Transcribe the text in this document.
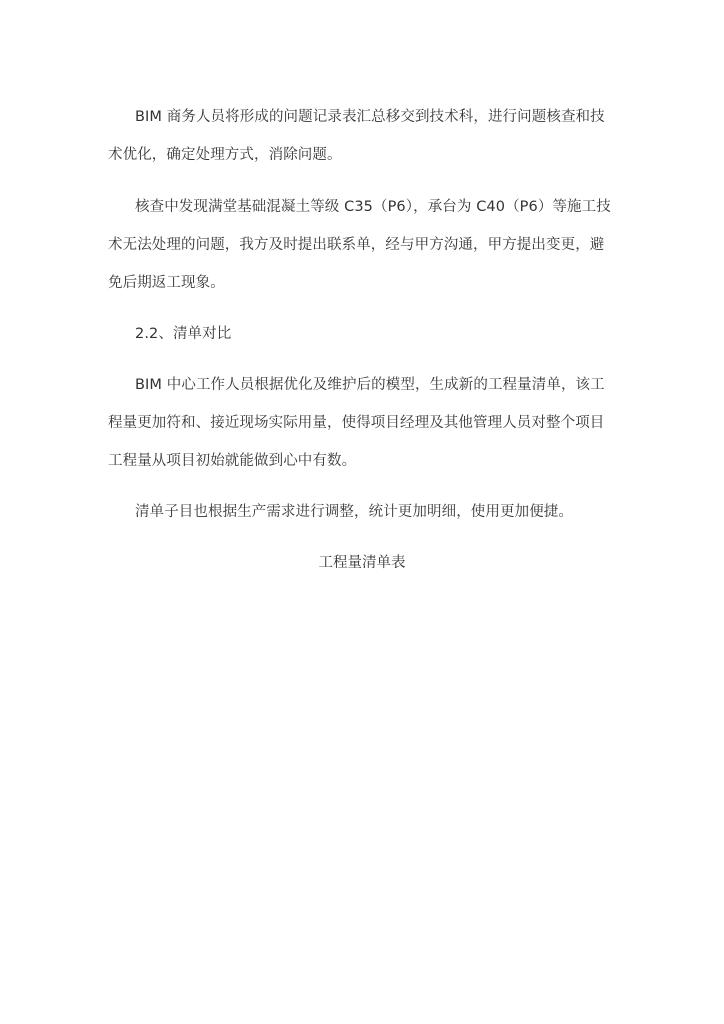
BIM 商务人员将形成的问题记录表汇总移交到技术科，进行问题核查和技
术优化，确定处理方式，消除问题。
核查中发现满堂基础混凝土等级 C35（P6），承台为 C40（P6）等施工技
术无法处理的问题，我方及时提出联系单，经与甲方沟通，甲方提出变更，避
免后期返工现象。
2.2、清单对比
BIM 中心工作人员根据优化及维护后的模型，生成新的工程量清单，该工
程量更加符和、接近现场实际用量，使得项目经理及其他管理人员对整个项目
工程量从项目初始就能做到心中有数。
清单子目也根据生产需求进行调整，统计更加明细，使用更加便捷。
工程量清单表
